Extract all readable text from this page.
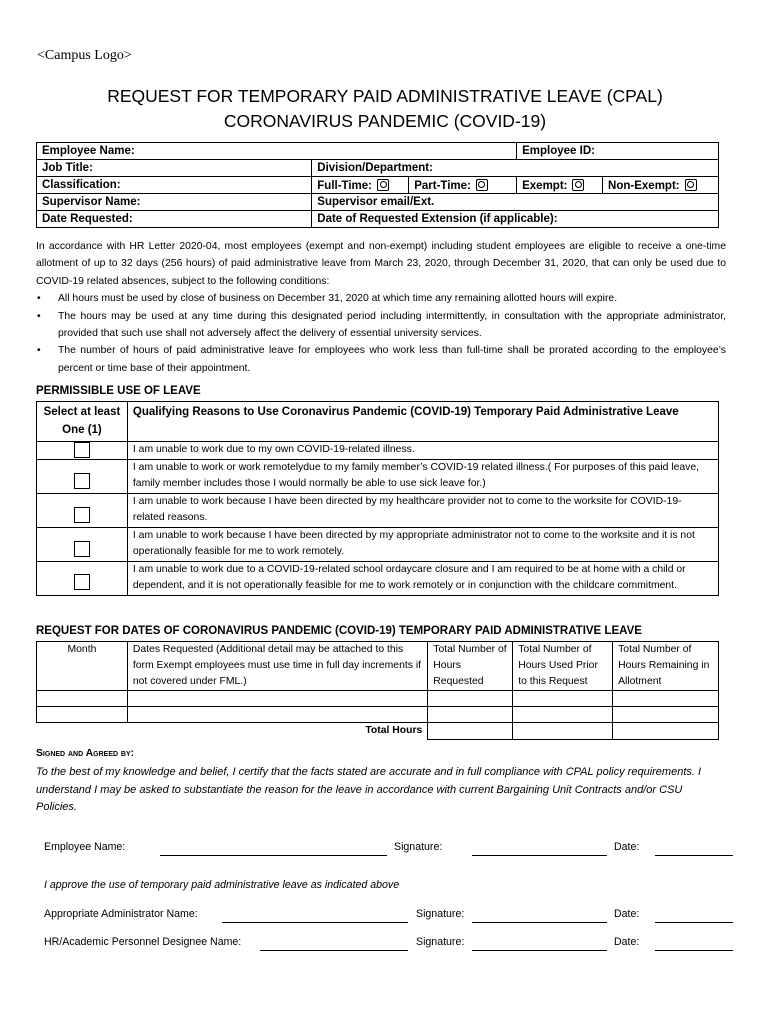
<Campus Logo>
REQUEST FOR TEMPORARY PAID ADMINISTRATIVE LEAVE (CPAL)
CORONAVIRUS PANDEMIC (COVID-19)
Employee Name:			Employee ID:	
Job Title:	Division/Department:			
Classification:	Full-Time:	Part-Time:	Exempt:	Non-Exempt:
Supervisor Name:	Supervisor email/Ext.			
Date Requested:	Date of Requested Extension (if applicable):			

In accordance with HR Letter 2020-04, most employees (exempt and non-exempt) including student employees are eligible to receive a one-time allotment of up to 32 days (256 hours) of paid administrative leave from March 23, 2020, through December 31, 2020, that can only be used due to COVID-19 related absences, subject to the following conditions:

• All hours must be used by close of business on December 31, 2020 at which time any remaining allotted hours will expire.
• The hours may be used at any time during this designated period including intermittently, in consultation with the appropriate administrator, provided that such use shall not adversely affect the delivery of essential university services.
• The number of hours of paid administrative leave for employees who work less than full-time shall be prorated according to the employee’s percent or time base of their appointment.
PERMISSIBLE USE OF LEAVE
Select at least One (1)	Qualifying Reasons to Use Coronavirus Pandemic (COVID-19) Temporary Paid Administrative Leave

	I am unable to work due to my own COVID-19-related illness.

	I am unable to work or work remotelydue to my family member’s COVID-19 related illness.( For purposes of this paid leave, family member includes those I would normally be able to use sick leave for.)

	I am unable to work because I have been directed by my healthcare provider not to come to the worksite for COVID-19-related reasons.

	I am unable to work because I have been directed by my appropriate administrator not to come to the worksite and it is not operationally feasible for me to work remotely.

	I am unable to work due to a COVID-19-related school ordaycare closure and I am required to be at home with a child or dependent, and it is not operationally feasible for me to work remotely or in conjunction with the childcare commitment.
REQUEST FOR DATES OF CORONAVIRUS PANDEMIC (COVID-19) TEMPORARY PAID ADMINISTRATIVE LEAVE
Month	Dates Requested (Additional detail may be attached to this form Exempt employees must use time in full day increments if not covered under FML.)	Total Number of Hours Requested	Total Number of Hours Used Prior to this Request	Total Number of Hours Remaining in Allotment

	Total Hours			
Signed and Agreed by:
To the best of my knowledge and belief, I certify that the facts stated are accurate and in full compliance with CPAL policy requirements. I understand I may be asked to substantiate the reason for the leave in accordance with current Bargaining Unit Contracts and/or CSU Policies.
Employee Name:	Signature:	Date:
I approve the use of temporary paid administrative leave as indicated above
Appropriate Administrator Name:	Signature:	Date:
HR/Academic Personnel Designee Name:	Signature:	Date:
